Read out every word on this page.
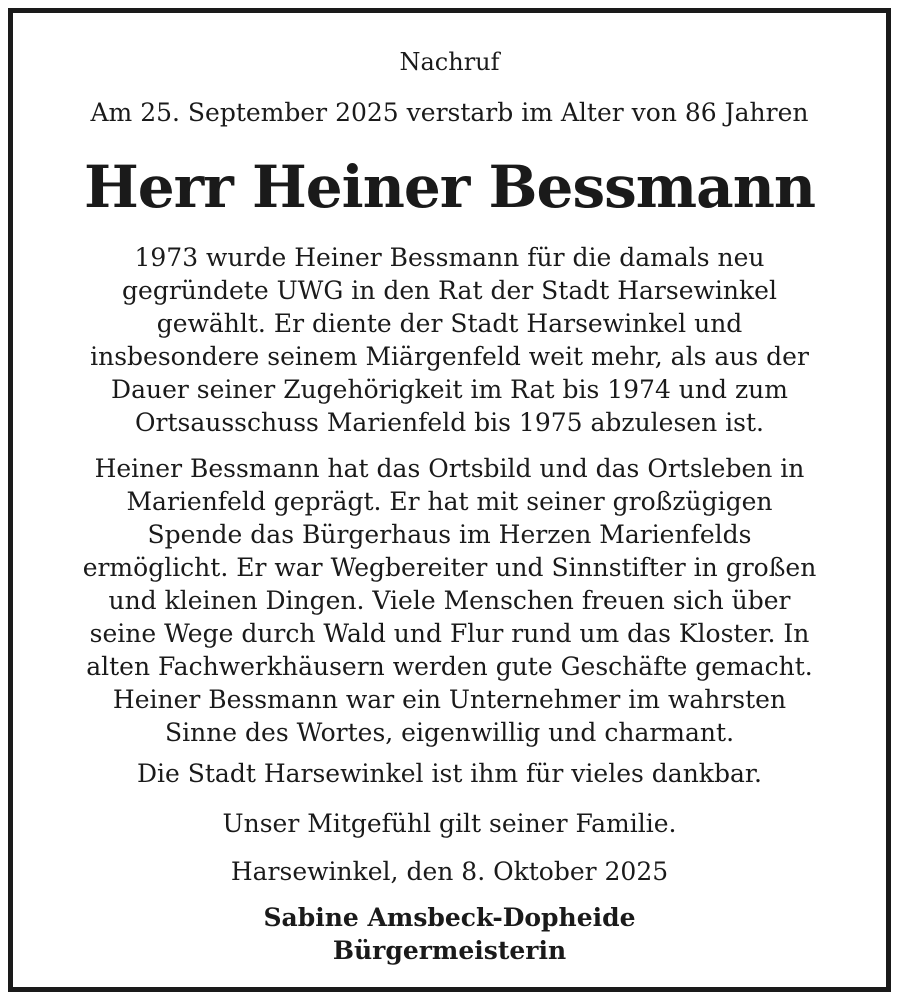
Nachruf
Am 25. September 2025 verstarb im Alter von 86 Jahren
Herr Heiner Bessmann
1973 wurde Heiner Bessmann für die damals neu
gegründete UWG in den Rat der Stadt Harsewinkel
gewählt. Er diente der Stadt Harsewinkel und
insbesondere seinem Miärgenfeld weit mehr, als aus der
Dauer seiner Zugehörigkeit im Rat bis 1974 und zum
Ortsausschuss Marienfeld bis 1975 abzulesen ist.
Heiner Bessmann hat das Ortsbild und das Ortsleben in
Marienfeld geprägt. Er hat mit seiner großzügigen
Spende das Bürgerhaus im Herzen Marienfelds
ermöglicht. Er war Wegbereiter und Sinnstifter in großen
und kleinen Dingen. Viele Menschen freuen sich über
seine Wege durch Wald und Flur rund um das Kloster. In
alten Fachwerkhäusern werden gute Geschäfte gemacht.
Heiner Bessmann war ein Unternehmer im wahrsten
Sinne des Wortes, eigenwillig und charmant.
Die Stadt Harsewinkel ist ihm für vieles dankbar.
Unser Mitgefühl gilt seiner Familie.
Harsewinkel, den 8. Oktober 2025
Sabine Amsbeck-Dopheide
Bürgermeisterin
